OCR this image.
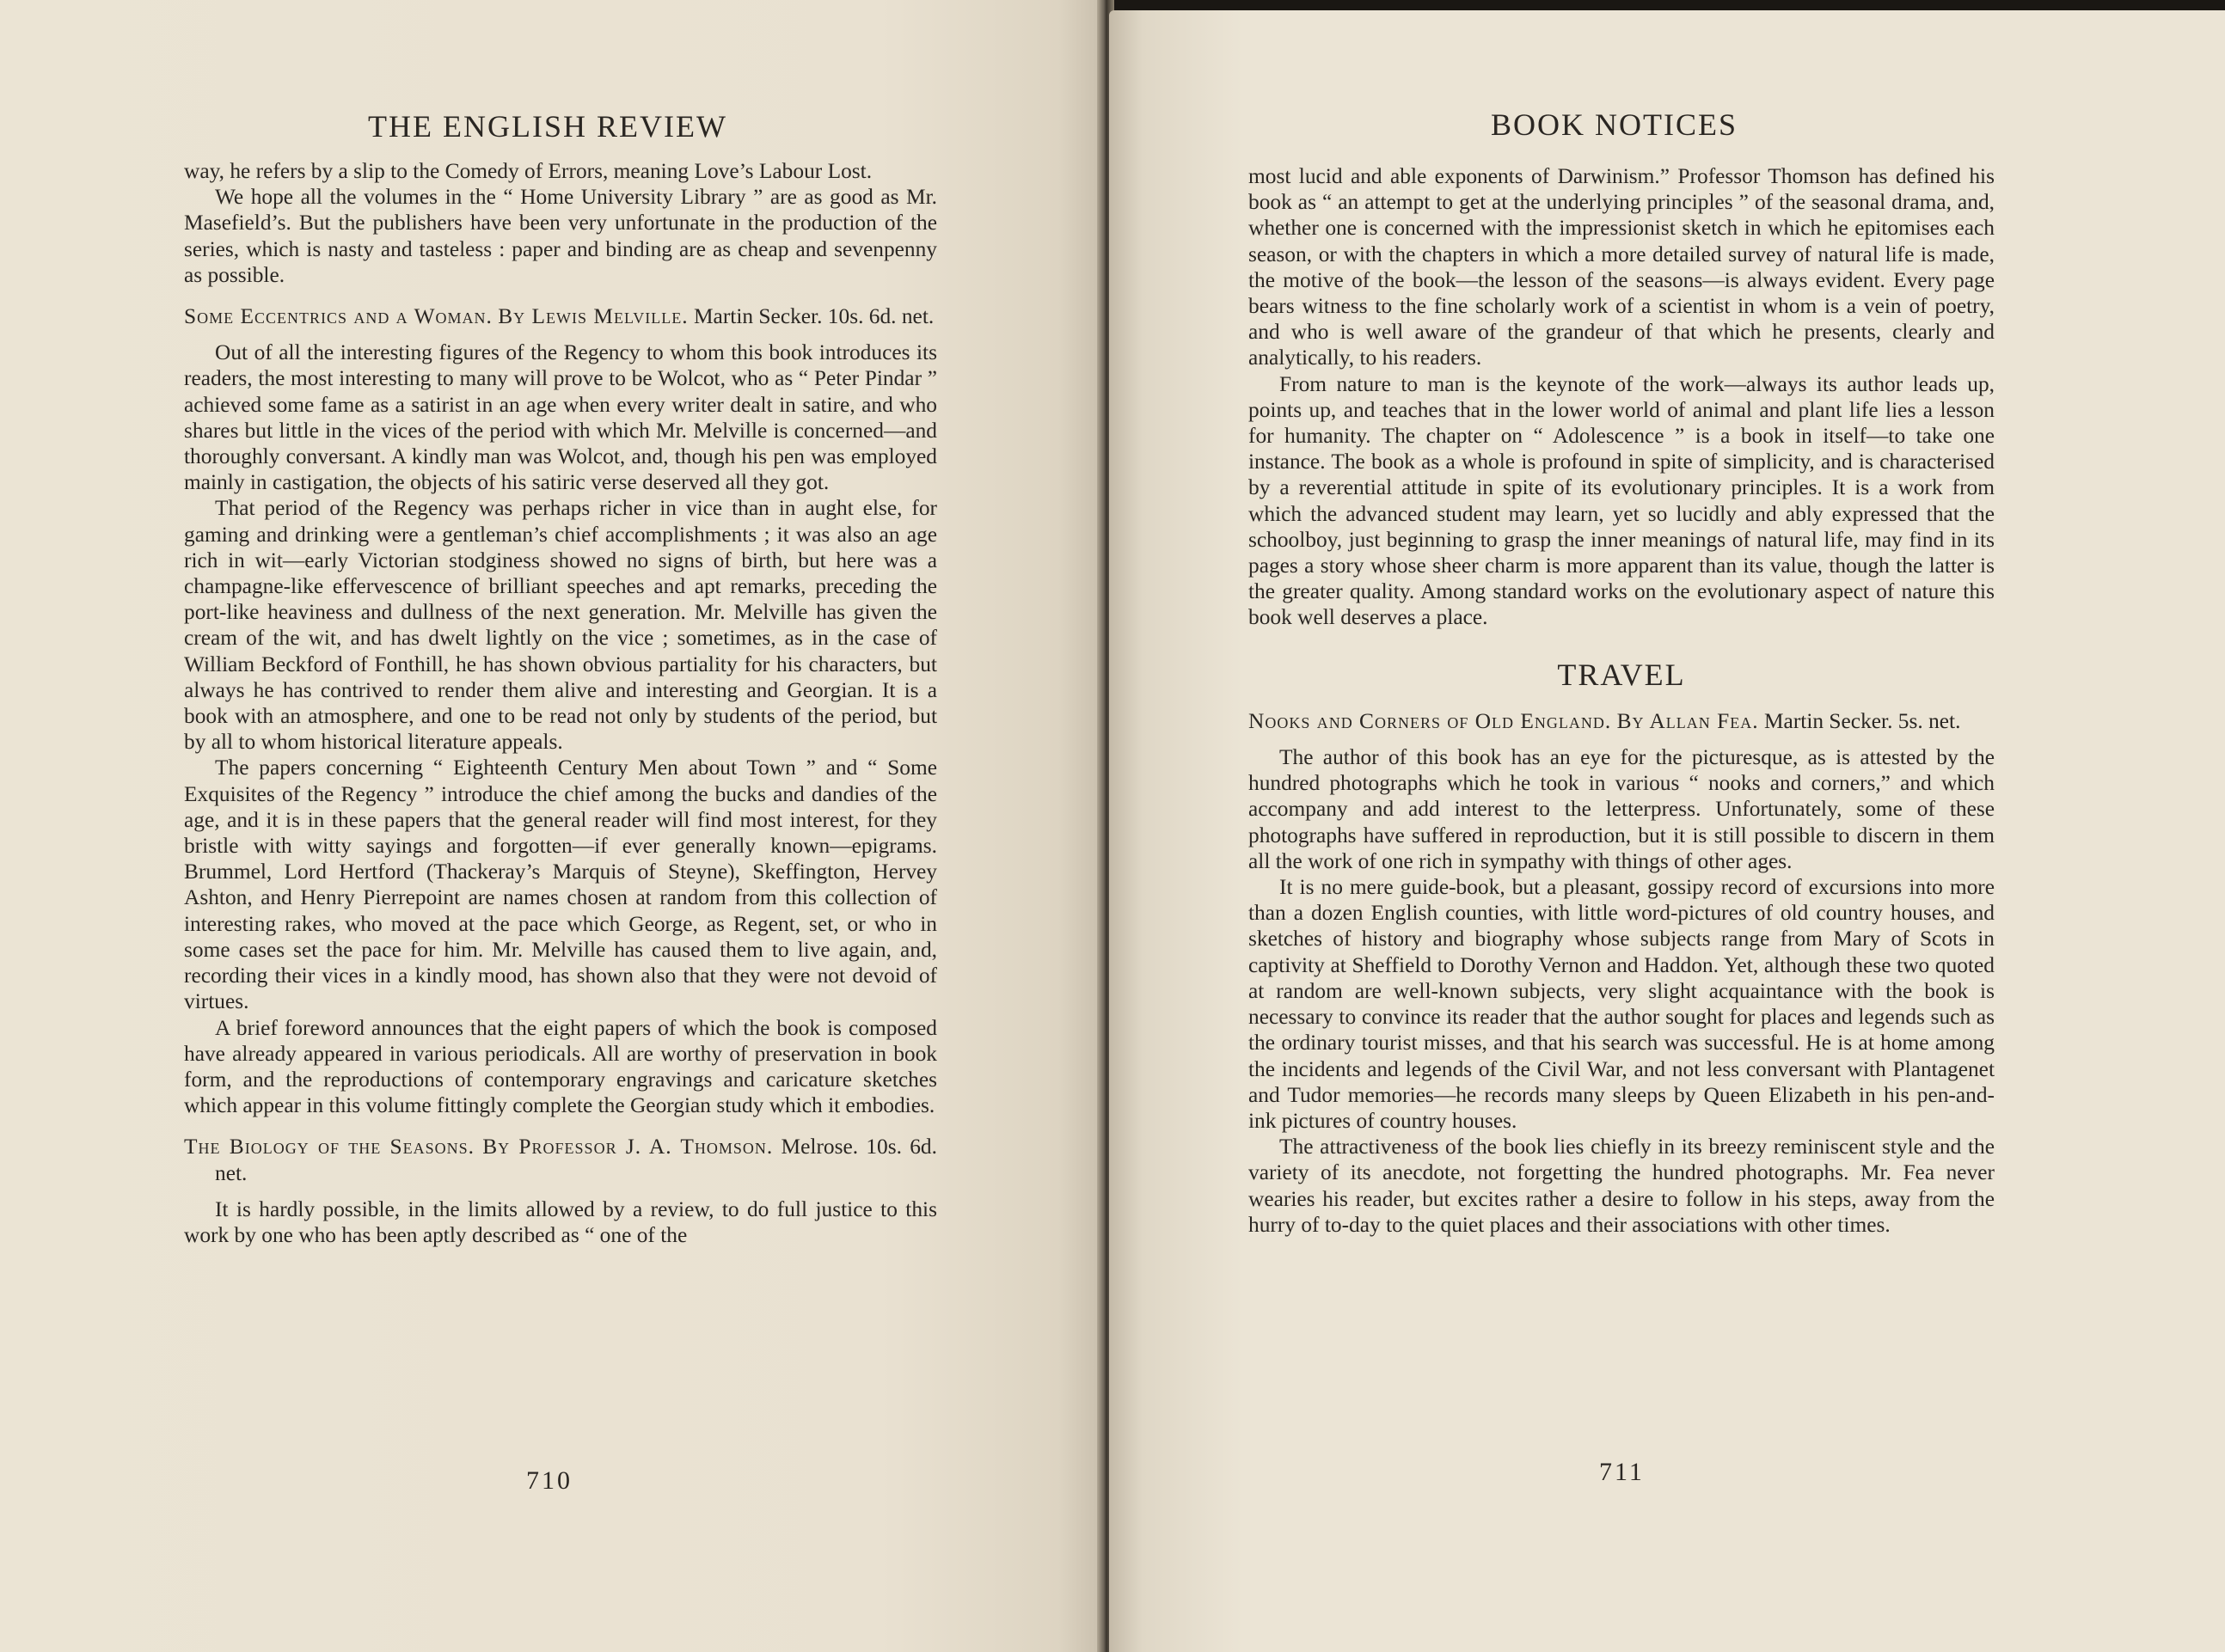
THE ENGLISH REVIEW

way, he refers by a slip to the Comedy of Errors, meaning Love’s Labour Lost.

We hope all the volumes in the “ Home University Library ” are as good as Mr. Masefield’s. But the publishers have been very unfortunate in the production of the series, which is nasty and tasteless : paper and binding are as cheap and sevenpenny as possible.

Some Eccentrics and a Woman. By Lewis Melville. Martin Secker. 10s. 6d. net.

Out of all the interesting figures of the Regency to whom this book introduces its readers, the most interesting to many will prove to be Wolcot, who as “ Peter Pindar ” achieved some fame as a satirist in an age when every writer dealt in satire, and who shares but little in the vices of the period with which Mr. Melville is concerned—and thoroughly conversant. A kindly man was Wolcot, and, though his pen was employed mainly in castigation, the objects of his satiric verse deserved all they got.

That period of the Regency was perhaps richer in vice than in aught else, for gaming and drinking were a gentleman’s chief accomplishments ; it was also an age rich in wit—early Victorian stodginess showed no signs of birth, but here was a champagne-like effervescence of brilliant speeches and apt remarks, preceding the port-like heaviness and dullness of the next generation. Mr. Melville has given the cream of the wit, and has dwelt lightly on the vice ; sometimes, as in the case of William Beckford of Fonthill, he has shown obvious partiality for his characters, but always he has contrived to render them alive and interesting and Georgian. It is a book with an atmosphere, and one to be read not only by students of the period, but by all to whom historical literature appeals.

The papers concerning “ Eighteenth Century Men about Town ” and “ Some Exquisites of the Regency ” introduce the chief among the bucks and dandies of the age, and it is in these papers that the general reader will find most interest, for they bristle with witty sayings and forgotten—if ever generally known—epigrams. Brummel, Lord Hertford (Thackeray’s Marquis of Steyne), Skeffington, Hervey Ashton, and Henry Pierrepoint are names chosen at random from this collection of interesting rakes, who moved at the pace which George, as Regent, set, or who in some cases set the pace for him. Mr. Melville has caused them to live again, and, recording their vices in a kindly mood, has shown also that they were not devoid of virtues.

A brief foreword announces that the eight papers of which the book is composed have already appeared in various periodicals. All are worthy of preservation in book form, and the reproductions of contemporary engravings and caricature sketches which appear in this volume fittingly complete the Georgian study which it embodies.

The Biology of the Seasons. By Professor J. A. Thomson. Melrose. 10s. 6d. net.

It is hardly possible, in the limits allowed by a review, to do full justice to this work by one who has been aptly described as “ one of the

710
BOOK NOTICES

most lucid and able exponents of Darwinism.” Professor Thomson has defined his book as “ an attempt to get at the underlying principles ” of the seasonal drama, and, whether one is concerned with the impressionist sketch in which he epitomises each season, or with the chapters in which a more detailed survey of natural life is made, the motive of the book—the lesson of the seasons—is always evident. Every page bears witness to the fine scholarly work of a scientist in whom is a vein of poetry, and who is well aware of the grandeur of that which he presents, clearly and analytically, to his readers.

From nature to man is the keynote of the work—always its author leads up, points up, and teaches that in the lower world of animal and plant life lies a lesson for humanity. The chapter on “ Adolescence ” is a book in itself—to take one instance. The book as a whole is profound in spite of simplicity, and is characterised by a reverential attitude in spite of its evolutionary principles. It is a work from which the advanced student may learn, yet so lucidly and ably expressed that the schoolboy, just beginning to grasp the inner meanings of natural life, may find in its pages a story whose sheer charm is more apparent than its value, though the latter is the greater quality. Among standard works on the evolutionary aspect of nature this book well deserves a place.

TRAVEL
Nooks and Corners of Old England. By Allan Fea. Martin Secker. 5s. net.

The author of this book has an eye for the picturesque, as is attested by the hundred photographs which he took in various “ nooks and corners,” and which accompany and add interest to the letterpress. Unfortunately, some of these photographs have suffered in reproduction, but it is still possible to discern in them all the work of one rich in sympathy with things of other ages.

It is no mere guide-book, but a pleasant, gossipy record of excursions into more than a dozen English counties, with little word-pictures of old country houses, and sketches of history and biography whose subjects range from Mary of Scots in captivity at Sheffield to Dorothy Vernon and Haddon. Yet, although these two quoted at random are well-known subjects, very slight acquaintance with the book is necessary to convince its reader that the author sought for places and legends such as the ordinary tourist misses, and that his search was successful. He is at home among the incidents and legends of the Civil War, and not less conversant with Plantagenet and Tudor memories—he records many sleeps by Queen Elizabeth in his pen-and-ink pictures of country houses.

The attractiveness of the book lies chiefly in its breezy reminiscent style and the variety of its anecdote, not forgetting the hundred photographs. Mr. Fea never wearies his reader, but excites rather a desire to follow in his steps, away from the hurry of to-day to the quiet places and their associations with other times.

711
